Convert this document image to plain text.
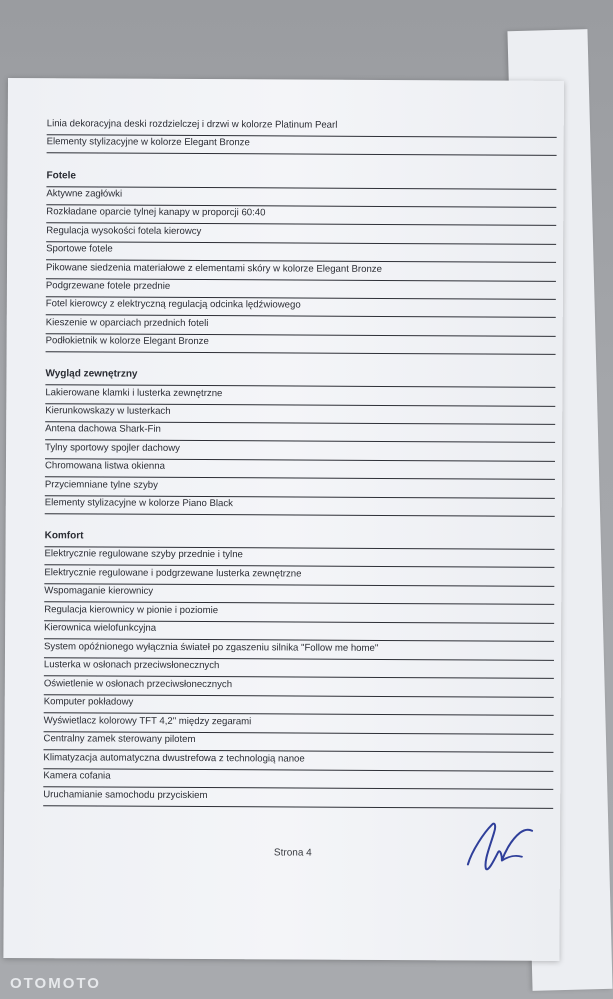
Linia dekoracyjna deski rozdzielczej i drzwi w kolorze Platinum Pearl
Elementy stylizacyjne w kolorze Elegant Bronze
Fotele
Aktywne zagłówki
Rozkładane oparcie tylnej kanapy w proporcji 60:40
Regulacja wysokości fotela kierowcy
Sportowe fotele
Pikowane siedzenia materiałowe z elementami skóry w kolorze Elegant Bronze
Podgrzewane fotele przednie
Fotel kierowcy z elektryczną regulacją odcinka lędźwiowego
Kieszenie w oparciach przednich foteli
Podłokietnik w kolorze Elegant Bronze
Wygląd zewnętrzny
Lakierowane klamki i lusterka zewnętrzne
Kierunkowskazy w lusterkach
Antena dachowa Shark-Fin
Tylny sportowy spojler dachowy
Chromowana listwa okienna
Przyciemniane tylne szyby
Elementy stylizacyjne w kolorze Piano Black
Komfort
Elektrycznie regulowane szyby przednie i tylne
Elektrycznie regulowane i podgrzewane lusterka zewnętrzne
Wspomaganie kierownicy
Regulacja kierownicy w pionie i poziomie
Kierownica wielofunkcyjna
System opóźnionego wyłącznia świateł po zgaszeniu silnika "Follow me home"
Lusterka w osłonach przeciwsłonecznych
Oświetlenie w osłonach przeciwsłonecznych
Komputer pokładowy
Wyświetlacz kolorowy TFT 4,2" między zegarami
Centralny zamek sterowany pilotem
Klimatyzacja automatyczna dwustrefowa z technologią nanoe
Kamera cofania
Uruchamianie samochodu przyciskiem
Strona 4
OTOMOTO
